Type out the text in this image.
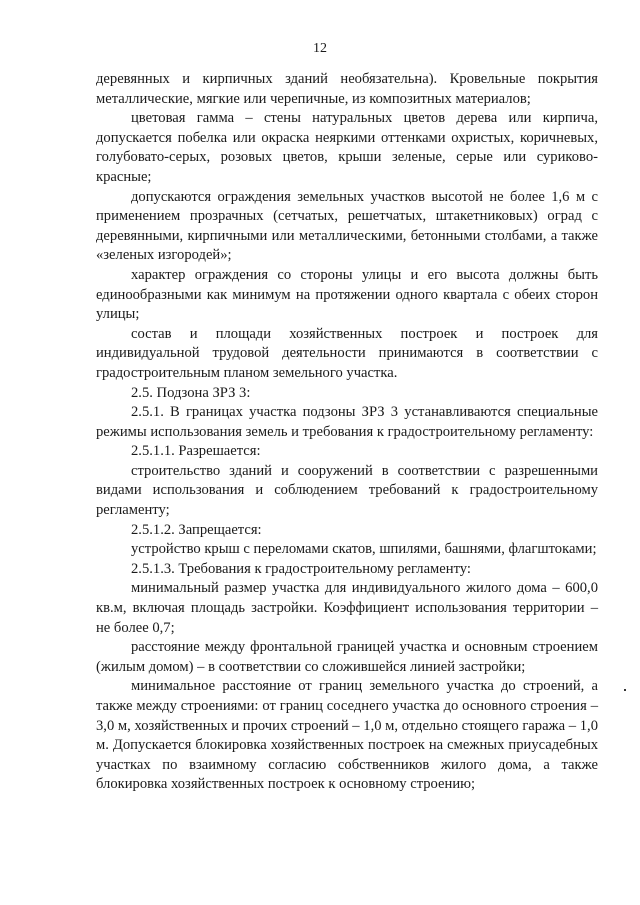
12

деревянных и кирпичных зданий необязательна). Кровельные покрытия металлические, мягкие или черепичные, из композитных материалов;

цветовая гамма – стены натуральных цветов дерева или кирпича, допускается побелка или окраска неяркими оттенками охристых, коричневых, голубовато-серых, розовых цветов, крыши зеленые, серые или суриково-красные;

допускаются ограждения земельных участков высотой не более 1,6 м с применением прозрачных (сетчатых, решетчатых, штакетниковых) оград с деревянными, кирпичными или металлическими, бетонными столбами, а также «зеленых изгородей»;

характер ограждения со стороны улицы и его высота должны быть единообразными как минимум на протяжении одного квартала с обеих сторон улицы;

состав и площади хозяйственных построек и построек для индивидуальной трудовой деятельности принимаются в соответствии с градостроительным планом земельного участка.

2.5. Подзона ЗРЗ 3:

2.5.1. В границах участка подзоны ЗРЗ 3 устанавливаются специальные режимы использования земель и требования к градостроительному регламенту:

2.5.1.1. Разрешается:

строительство зданий и сооружений в соответствии с разрешенными видами использования и соблюдением требований к градостроительному регламенту;

2.5.1.2. Запрещается:

устройство крыш с переломами скатов, шпилями, башнями, флагштоками;

2.5.1.3. Требования к градостроительному регламенту:

минимальный размер участка для индивидуального жилого дома – 600,0 кв.м, включая площадь застройки. Коэффициент использования территории – не более 0,7;

расстояние между фронтальной границей участка и основным строением (жилым домом) – в соответствии со сложившейся линией застройки;

минимальное расстояние от границ земельного участка до строений, а также между строениями: от границ соседнего участка до основного строения – 3,0 м, хозяйственных и прочих строений – 1,0 м, отдельно стоящего гаража – 1,0 м. Допускается блокировка хозяйственных построек на смежных приусадебных участках по взаимному согласию собственников жилого дома, а также блокировка хозяйственных построек к основному строению;
